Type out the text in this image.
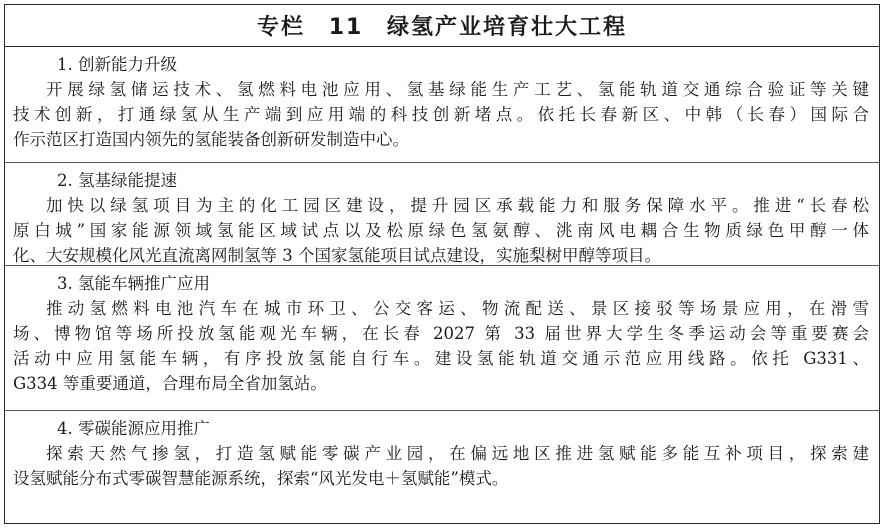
专栏 11 绿氢产业培育壮大工程
1. 创新能力升级
开展绿氢储运技术、氢燃料电池应用、氢基绿能生产工艺、氢能轨道交通综合验证等关键
技术创新，打通绿氢从生产端到应用端的科技创新堵点。依托长春新区、中韩（长春）国际合
作示范区打造国内领先的氢能装备创新研发制造中心。
2. 氢基绿能提速
加快以绿氢项目为主的化工园区建设，提升园区承载能力和服务保障水平。推进“长春松
原白城”国家能源领域氢能区域试点以及松原绿色氢氨醇、洮南风电耦合生物质绿色甲醇一体
化、大安规模化风光直流离网制氢等 3 个国家氢能项目试点建设，实施梨树甲醇等项目。
3. 氢能车辆推广应用
推动氢燃料电池汽车在城市环卫、公交客运、物流配送、景区接驳等场景应用，在滑雪
场、博物馆等场所投放氢能观光车辆，在长春 2027 第 33 届世界大学生冬季运动会等重要赛会
活动中应用氢能车辆，有序投放氢能自行车。建设氢能轨道交通示范应用线路。依托 G331、
G334 等重要通道，合理布局全省加氢站。
4. 零碳能源应用推广
探索天然气掺氢，打造氢赋能零碳产业园，在偏远地区推进氢赋能多能互补项目，探索建
设氢赋能分布式零碳智慧能源系统，探索“风光发电＋氢赋能”模式。
